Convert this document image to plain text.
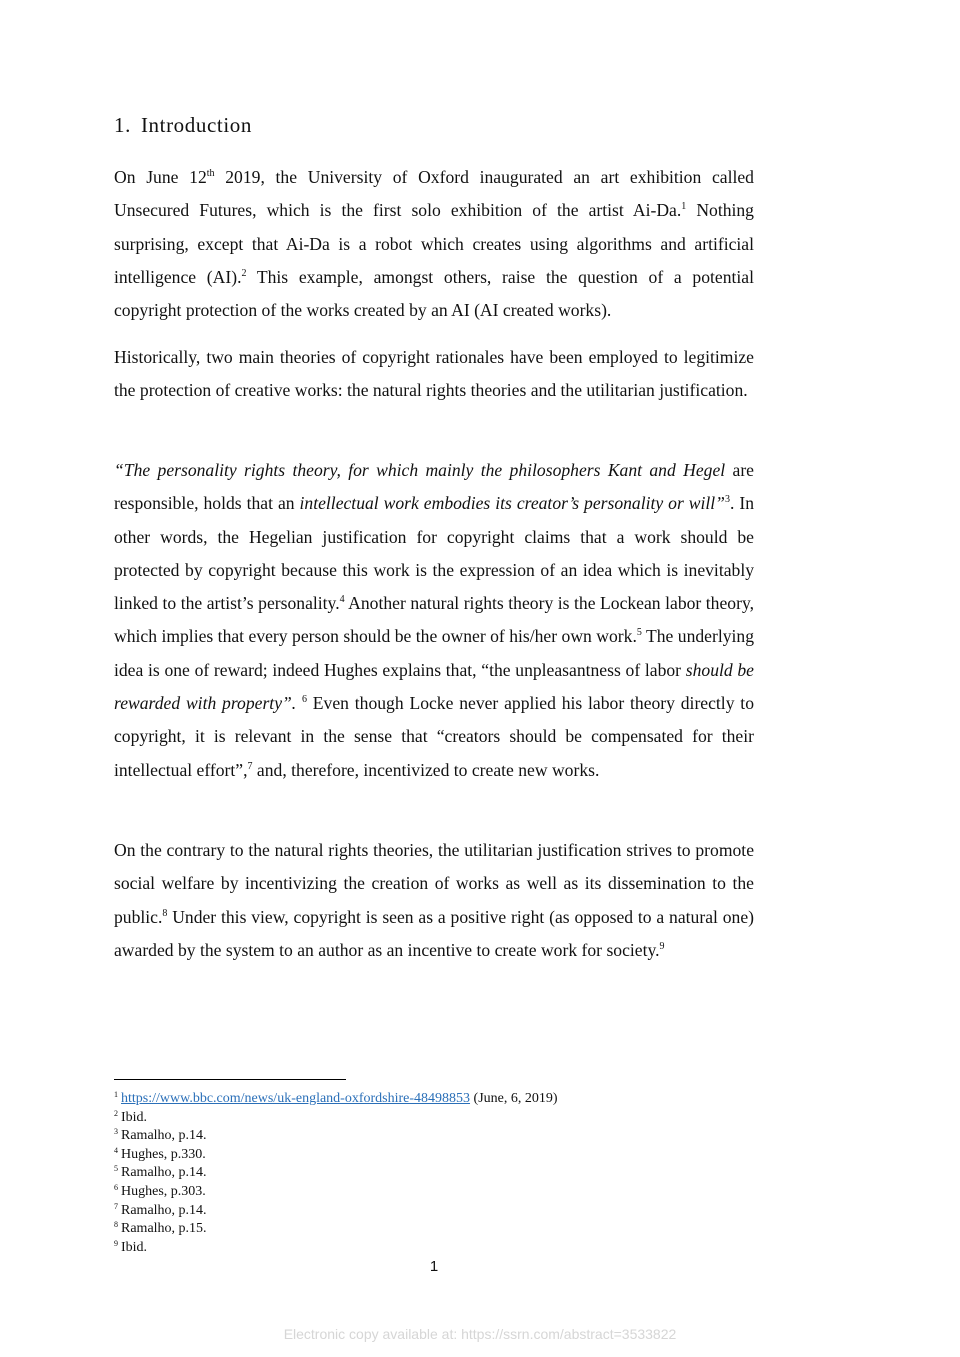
1. Introduction

On June 12th 2019, the University of Oxford inaugurated an art exhibition called Unsecured Futures, which is the first solo exhibition of the artist Ai-Da.$^1$ Nothing surprising, except that Ai-Da is a robot which creates using algorithms and artificial intelligence (AI).$^2$ This example, amongst others, raise the question of a potential copyright protection of the works created by an AI (AI created works).

Historically, two main theories of copyright rationales have been employed to legitimize the protection of creative works: the natural rights theories and the utilitarian justification.

“The personality rights theory, for which mainly the philosophers Kant and Hegel are responsible, holds that an intellectual work embodies its creator’s personality or will”$^3$. In other words, the Hegelian justification for copyright claims that a work should be protected by copyright because this work is the expression of an idea which is inevitably linked to the artist’s personality.$^4$ Another natural rights theory is the Lockean labor theory, which implies that every person should be the owner of his/her own work.$^5$ The underlying idea is one of reward; indeed Hughes explains that, “the unpleasantness of labor should be rewarded with property”. $^6$ Even though Locke never applied his labor theory directly to copyright, it is relevant in the sense that “creators should be compensated for their intellectual effort”,$^7$ and, therefore, incentivized to create new works.

On the contrary to the natural rights theories, the utilitarian justification strives to promote social welfare by incentivizing the creation of works as well as its dissemination to the public.$^8$ Under this view, copyright is seen as a positive right (as opposed to a natural one) awarded by the system to an author as an incentive to create work for society.$^9$

$^1$ https://www.bbc.com/news/uk-england-oxfordshire-48498853 (June, 6, 2019)
$^2$ Ibid.
$^3$ Ramalho, p.14.
$^4$ Hughes, p.330.
$^5$ Ramalho, p.14.
$^6$ Hughes, p.303.
$^7$ Ramalho, p.14.
$^8$ Ramalho, p.15.
$^9$ Ibid.
1
Electronic copy available at: https://ssrn.com/abstract=3533822
